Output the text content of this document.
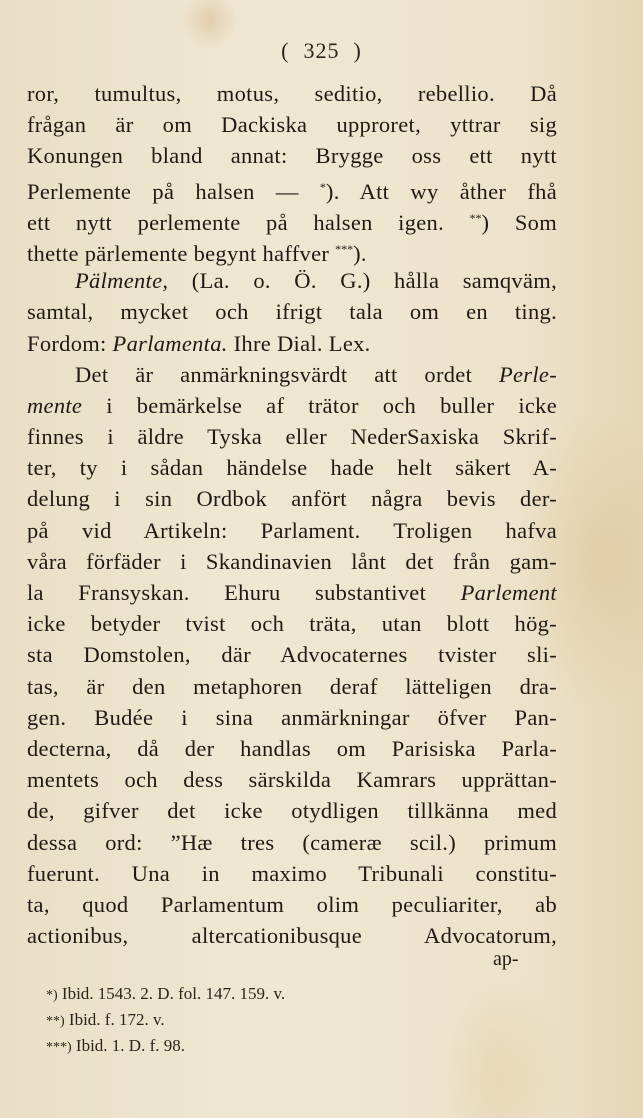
( 325 )
ror, tumultus, motus, seditio, rebellio. Då
frågan är om Dackiska upproret, yttrar sig
Konungen bland annat: Brygge oss ett nytt
Perlemente på halsen — *). Att wy åther fhå
ett nytt perlemente på halsen igen. **) Som
thette pärlemente begynt haffver ***).
Pälmente, (La. o. Ö. G.) hålla samqväm,
samtal, mycket och ifrigt tala om en ting.
Fordom: Parlamenta. Ihre Dial. Lex.
Det är anmärkningsvärdt att ordet Perle-
mente i bemärkelse af trätor och buller icke
finnes i äldre Tyska eller NederSaxiska Skrif-
ter, ty i sådan händelse hade helt säkert A-
delung i sin Ordbok anfört några bevis der-
på vid Artikeln: Parlament. Troligen hafva
våra förfäder i Skandinavien lånt det från gam-
la Fransyskan. Ehuru substantivet Parlement
icke betyder tvist och träta, utan blott hög-
sta Domstolen, där Advocaternes tvister sli-
tas, är den metaphoren deraf lätteligen dra-
gen. Budée i sina anmärkningar öfver Pan-
decterna, då der handlas om Parisiska Parla-
mentets och dess särskilda Kamrars upprättan-
de, gifver det icke otydligen tillkänna med
dessa ord: ”Hæ tres (cameræ scil.) primum
fuerunt. Una in maximo Tribunali constitu-
ta, quod Parlamentum olim peculiariter, ab
actionibus, altercationibusque Advocatorum,
ap-
*) Ibid. 1543. 2. D. fol. 147. 159. v.
**) Ibid. f. 172. v.
***) Ibid. 1. D. f. 98.
